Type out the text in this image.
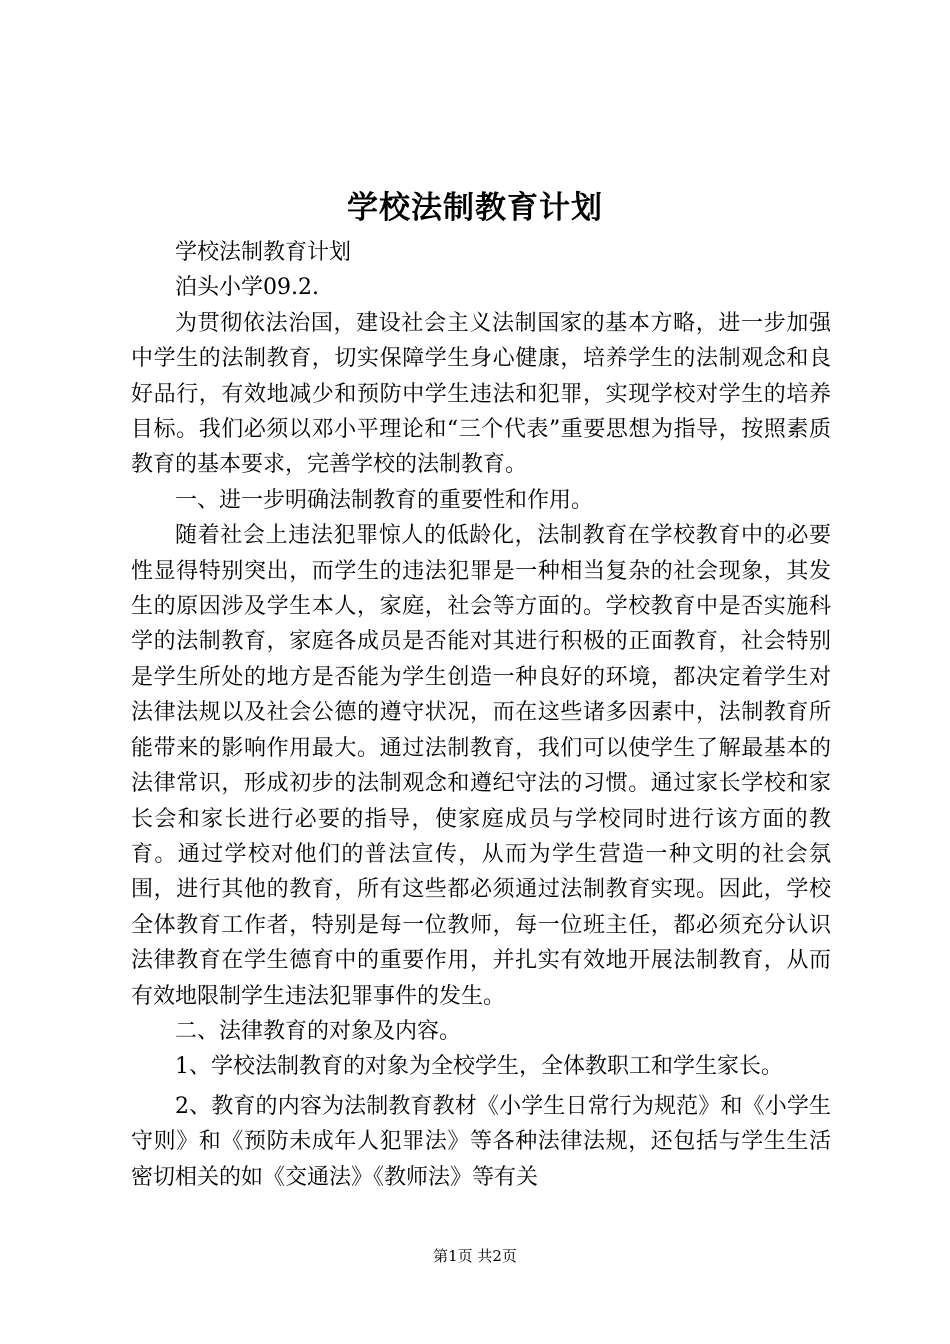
学校法制教育计划

学校法制教育计划

泊头小学09.2.

为贯彻依法治国，建设社会主义法制国家的基本方略，进一步加强中学生的法制教育，切实保障学生身心健康，培养学生的法制观念和良好品行，有效地减少和预防中学生违法和犯罪，实现学校对学生的培养目标。我们必须以邓小平理论和“三个代表”重要思想为指导，按照素质教育的基本要求，完善学校的法制教育。

一、进一步明确法制教育的重要性和作用。

随着社会上违法犯罪惊人的低龄化，法制教育在学校教育中的必要性显得特别突出，而学生的违法犯罪是一种相当复杂的社会现象，其发生的原因涉及学生本人，家庭，社会等方面的。学校教育中是否实施科学的法制教育，家庭各成员是否能对其进行积极的正面教育，社会特别是学生所处的地方是否能为学生创造一种良好的环境，都决定着学生对法律法规以及社会公德的遵守状况，而在这些诸多因素中，法制教育所能带来的影响作用最大。通过法制教育，我们可以使学生了解最基本的法律常识，形成初步的法制观念和遵纪守法的习惯。通过家长学校和家长会和家长进行必要的指导，使家庭成员与学校同时进行该方面的教育。通过学校对他们的普法宣传，从而为学生营造一种文明的社会氛围，进行其他的教育，所有这些都必须通过法制教育实现。因此，学校全体教育工作者，特别是每一位教师，每一位班主任，都必须充分认识法律教育在学生德育中的重要作用，并扎实有效地开展法制教育，从而有效地限制学生违法犯罪事件的发生。

二、法律教育的对象及内容。

1、学校法制教育的对象为全校学生，全体教职工和学生家长。

2、教育的内容为法制教育教材《小学生日常行为规范》和《小学生守则》和《预防未成年人犯罪法》等各种法律法规，还包括与学生生活密切相关的如《交通法》《教师法》等有关

第1页 共2页
